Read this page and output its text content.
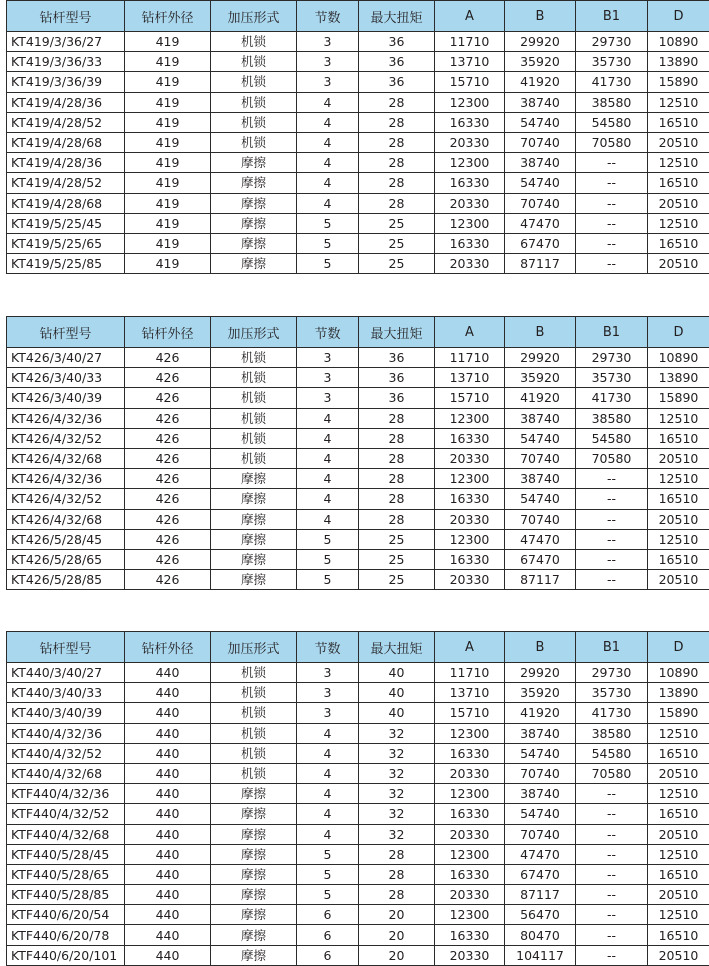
钻杆型号	钻杆外径	加压形式	节数	最大扭矩	A	B	B1	D
KT419/3/36/27	419	机锁	3	36	11710	29920	29730	10890
KT419/3/36/33	419	机锁	3	36	13710	35920	35730	13890
KT419/3/36/39	419	机锁	3	36	15710	41920	41730	15890
KT419/4/28/36	419	机锁	4	28	12300	38740	38580	12510
KT419/4/28/52	419	机锁	4	28	16330	54740	54580	16510
KT419/4/28/68	419	机锁	4	28	20330	70740	70580	20510
KT419/4/28/36	419	摩擦	4	28	12300	38740	--	12510
KT419/4/28/52	419	摩擦	4	28	16330	54740	--	16510
KT419/4/28/68	419	摩擦	4	28	20330	70740	--	20510
KT419/5/25/45	419	摩擦	5	25	12300	47470	--	12510
KT419/5/25/65	419	摩擦	5	25	16330	67470	--	16510
KT419/5/25/85	419	摩擦	5	25	20330	87117	--	20510
钻杆型号	钻杆外径	加压形式	节数	最大扭矩	A	B	B1	D
KT426/3/40/27	426	机锁	3	36	11710	29920	29730	10890
KT426/3/40/33	426	机锁	3	36	13710	35920	35730	13890
KT426/3/40/39	426	机锁	3	36	15710	41920	41730	15890
KT426/4/32/36	426	机锁	4	28	12300	38740	38580	12510
KT426/4/32/52	426	机锁	4	28	16330	54740	54580	16510
KT426/4/32/68	426	机锁	4	28	20330	70740	70580	20510
KT426/4/32/36	426	摩擦	4	28	12300	38740	--	12510
KT426/4/32/52	426	摩擦	4	28	16330	54740	--	16510
KT426/4/32/68	426	摩擦	4	28	20330	70740	--	20510
KT426/5/28/45	426	摩擦	5	25	12300	47470	--	12510
KT426/5/28/65	426	摩擦	5	25	16330	67470	--	16510
KT426/5/28/85	426	摩擦	5	25	20330	87117	--	20510
钻杆型号	钻杆外径	加压形式	节数	最大扭矩	A	B	B1	D
KT440/3/40/27	440	机锁	3	40	11710	29920	29730	10890
KT440/3/40/33	440	机锁	3	40	13710	35920	35730	13890
KT440/3/40/39	440	机锁	3	40	15710	41920	41730	15890
KT440/4/32/36	440	机锁	4	32	12300	38740	38580	12510
KT440/4/32/52	440	机锁	4	32	16330	54740	54580	16510
KT440/4/32/68	440	机锁	4	32	20330	70740	70580	20510
KTF440/4/32/36	440	摩擦	4	32	12300	38740	--	12510
KTF440/4/32/52	440	摩擦	4	32	16330	54740	--	16510
KTF440/4/32/68	440	摩擦	4	32	20330	70740	--	20510
KTF440/5/28/45	440	摩擦	5	28	12300	47470	--	12510
KTF440/5/28/65	440	摩擦	5	28	16330	67470	--	16510
KTF440/5/28/85	440	摩擦	5	28	20330	87117	--	20510
KTF440/6/20/54	440	摩擦	6	20	12300	56470	--	12510
KTF440/6/20/78	440	摩擦	6	20	16330	80470	--	16510
KTF440/6/20/101	440	摩擦	6	20	20330	104117	--	20510
